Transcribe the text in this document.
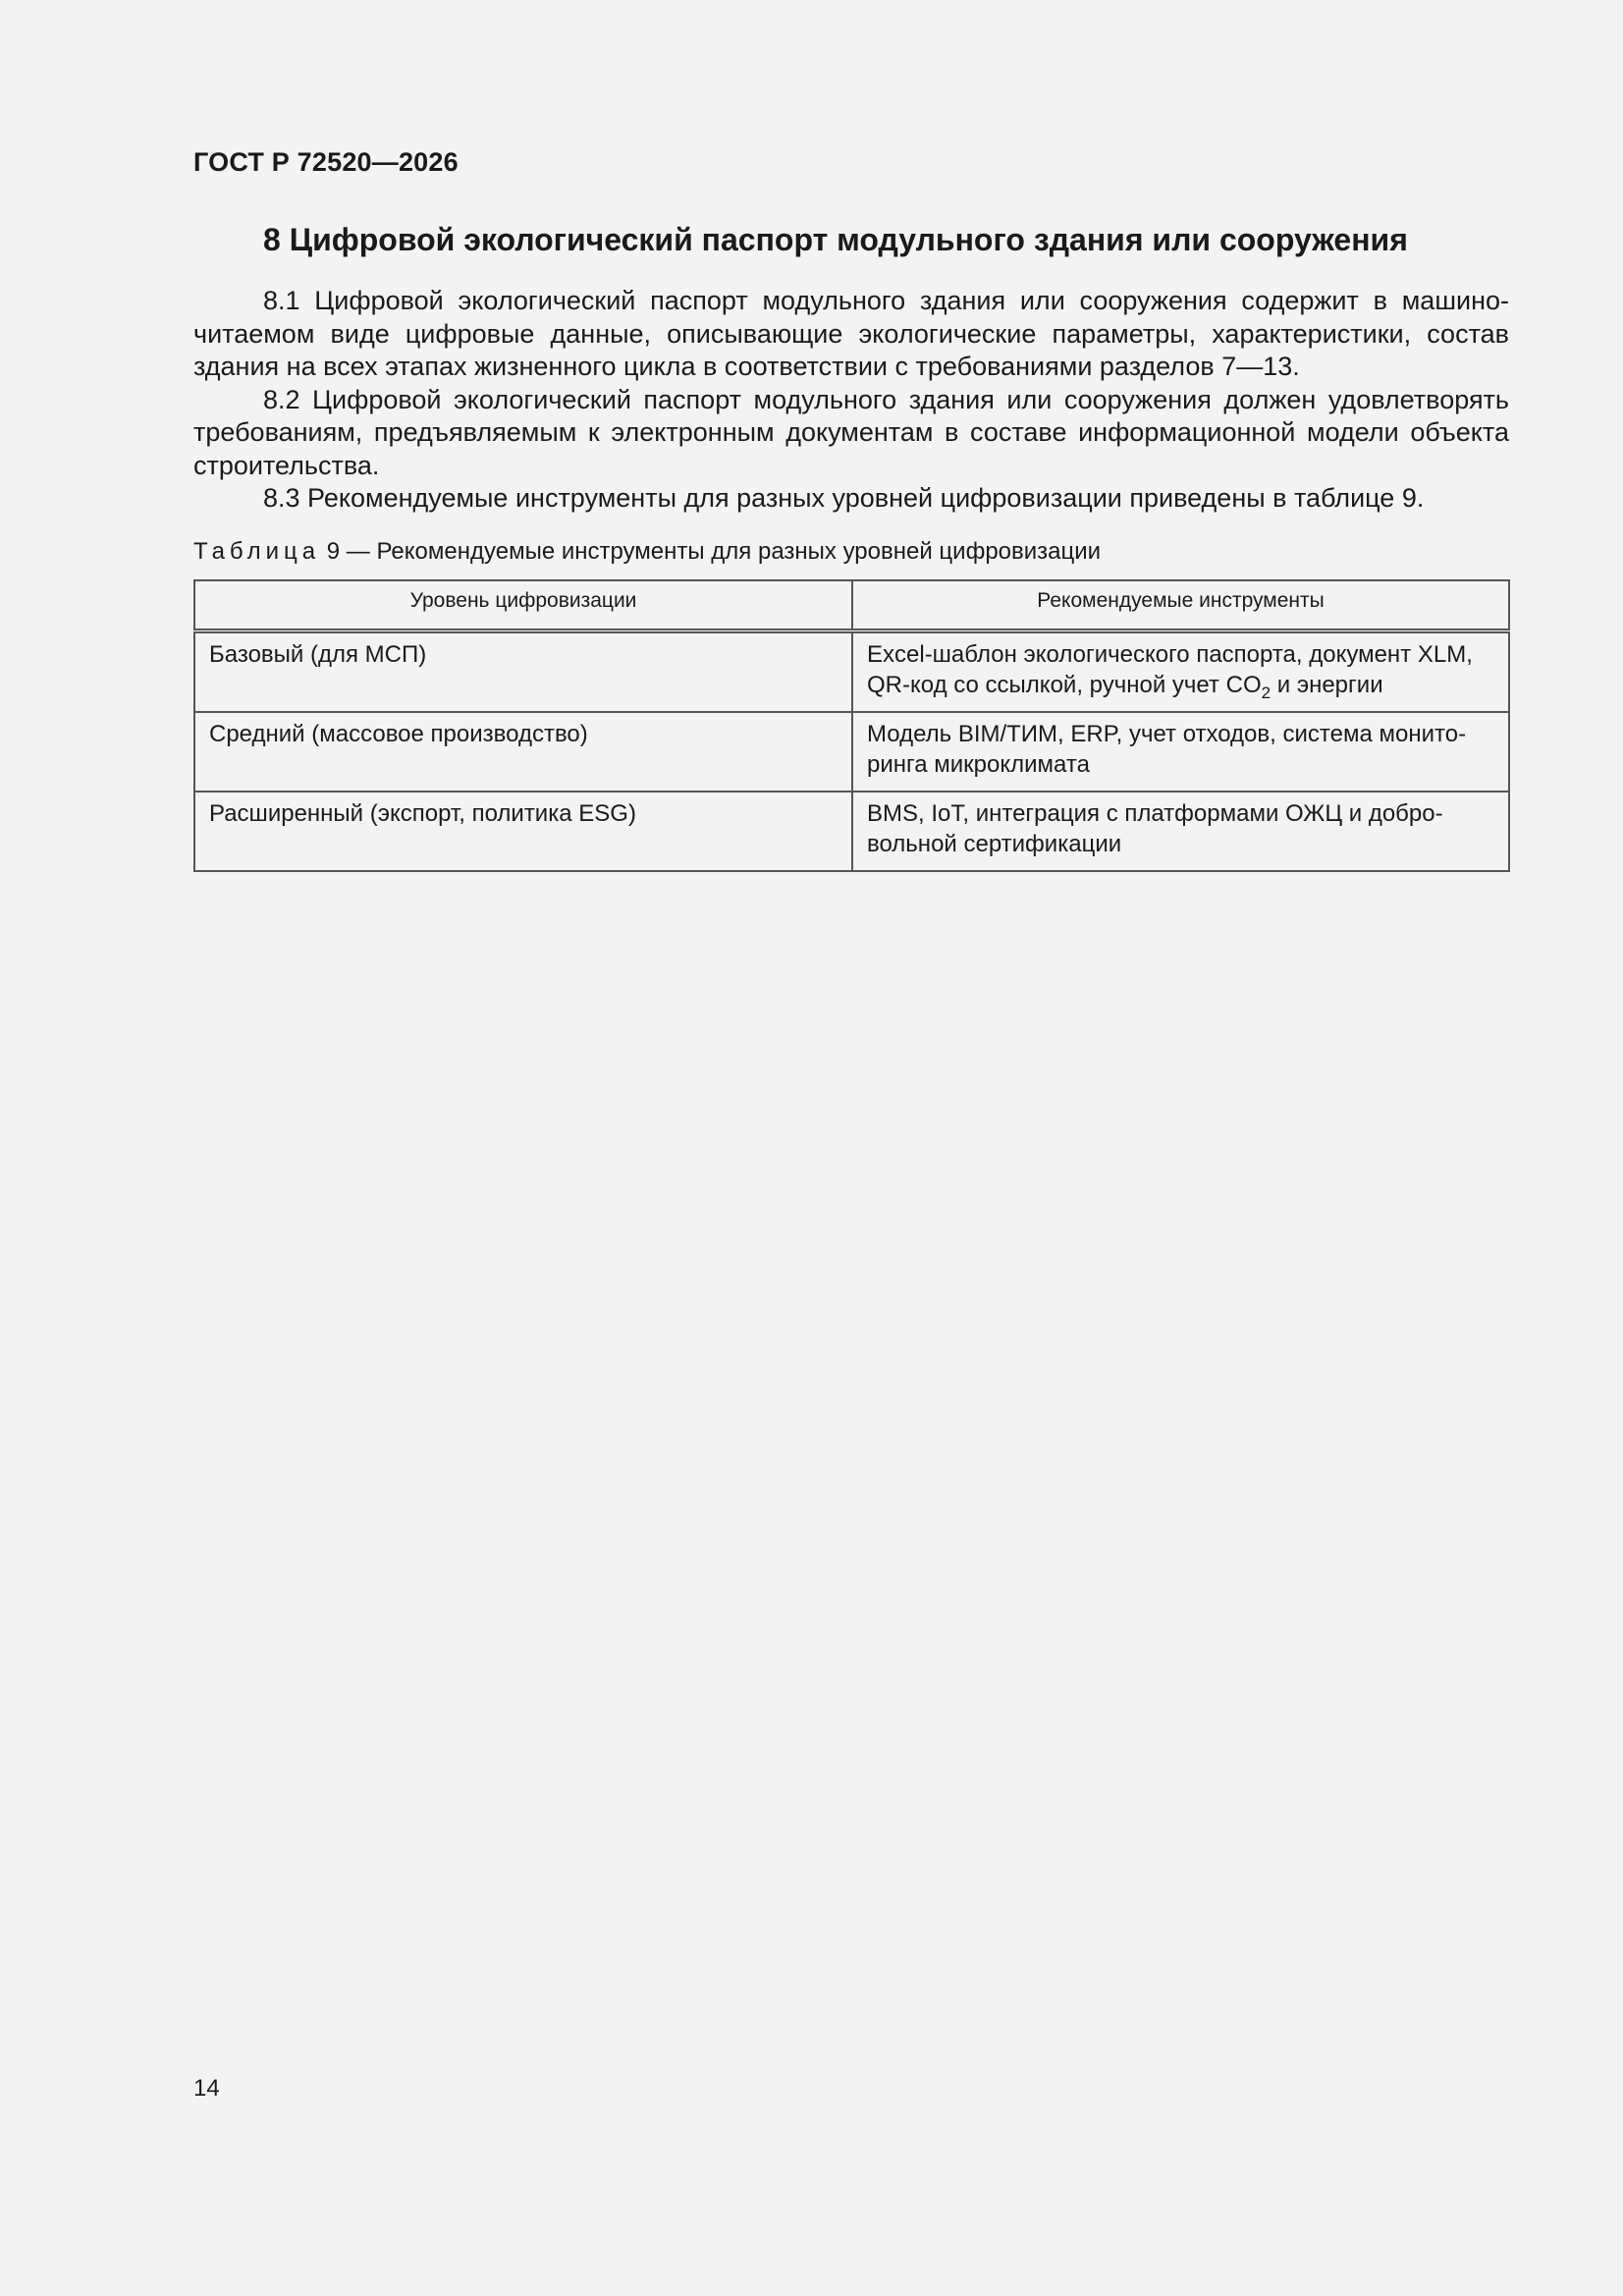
ГОСТ Р 72520—2026
8 Цифровой экологический паспорт модульного здания или сооружения

8.1 Цифровой экологический паспорт модульного здания или сооружения содержит в машиночитаемом виде цифровые данные, описывающие экологические параметры, характеристики, состав здания на всех этапах жизненного цикла в соответствии с требованиями разделов 7—13.

8.2 Цифровой экологический паспорт модульного здания или сооружения должен удовлетворять требованиям, предъявляемым к электронным документам в составе информационной модели объекта строительства.

8.3 Рекомендуемые инструменты для разных уровней цифровизации приведены в таблице 9.

Таблица 9 — Рекомендуемые инструменты для разных уровней цифровизации
Уровень цифровизации	Рекомендуемые инструменты
Базовый (для МСП)	Excel-шаблон экологического паспорта, документ XLM, QR-код со ссылкой, ручной учет $CO_2$ и энергии
Средний (массовое производство)	Модель BIM/ТИМ, ERP, учет отходов, система мониторинга микроклимата
Расширенный (экспорт, политика ESG)	BMS, IoT, интеграция с платформами ОЖЦ и добровольной сертификации
14
